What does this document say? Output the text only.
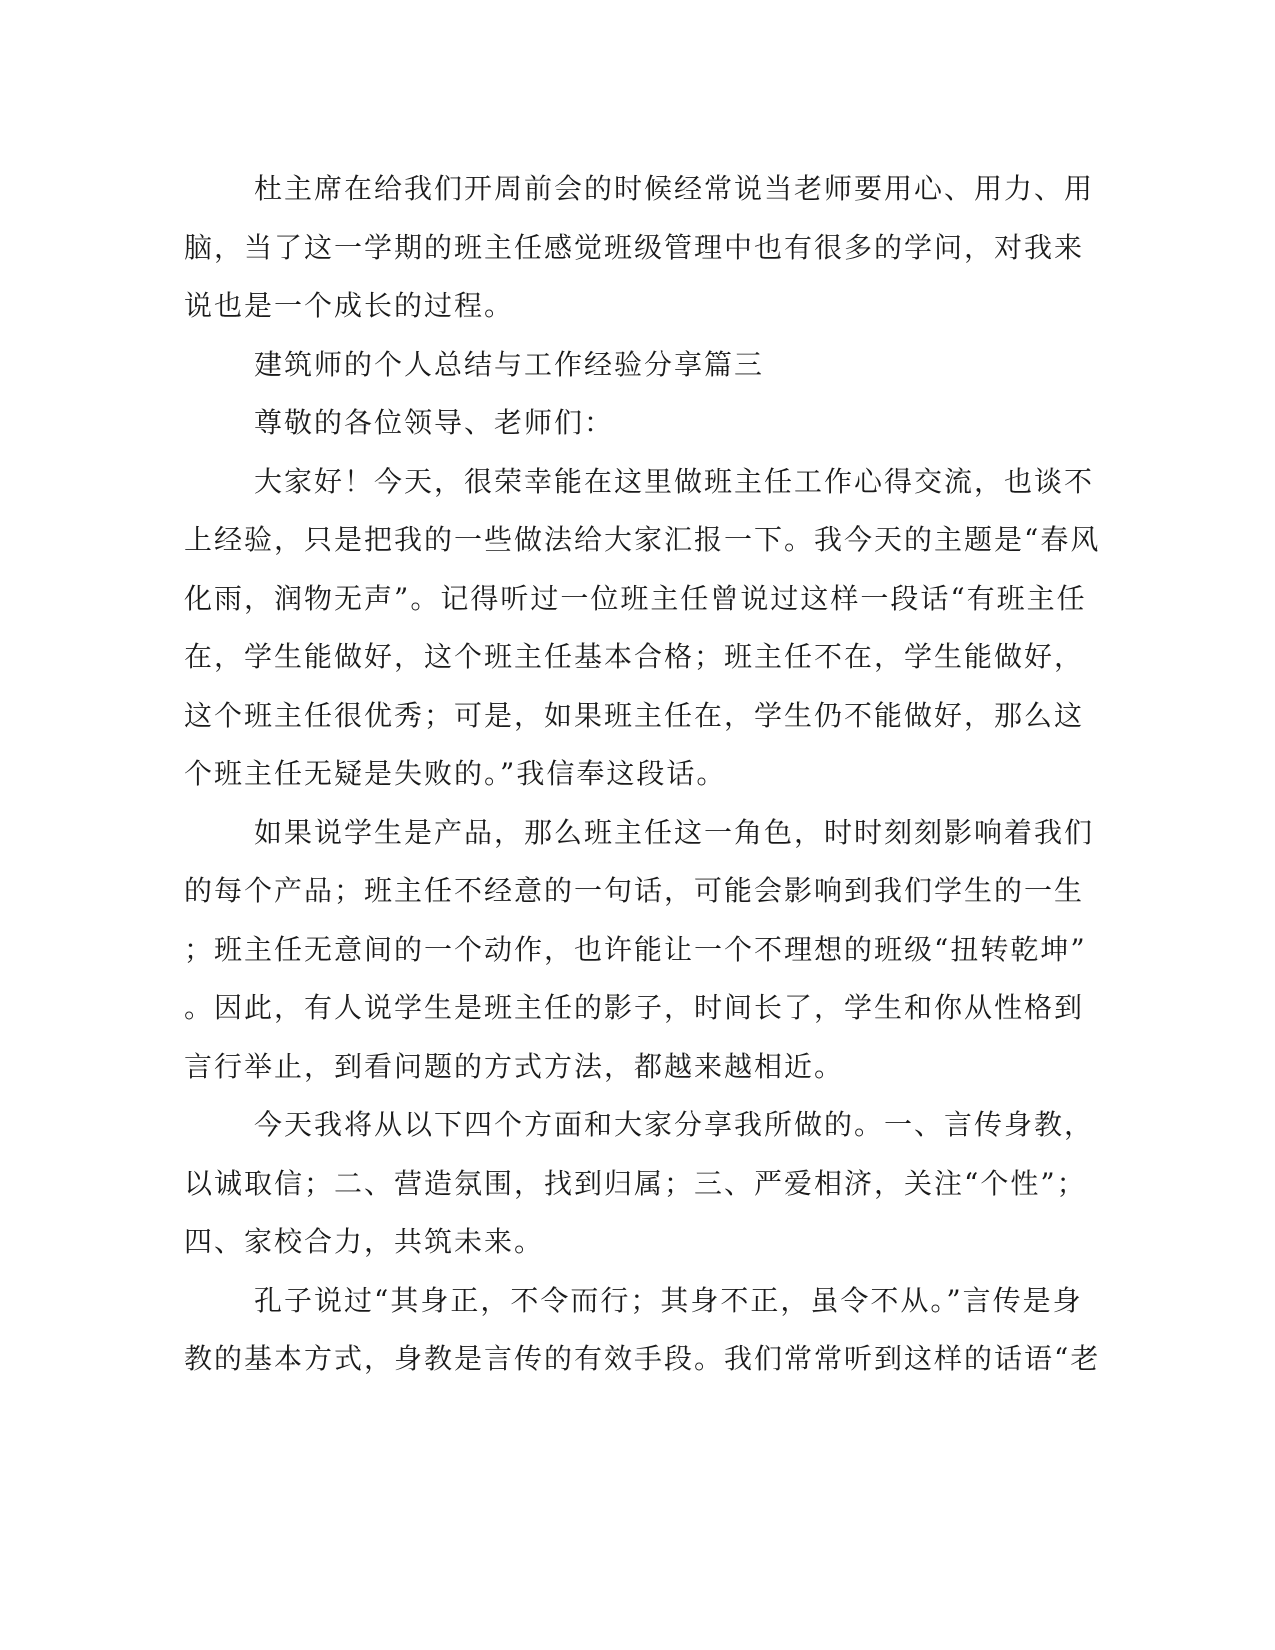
杜主席在给我们开周前会的时候经常说当老师要用心、用力、用
脑，当了这一学期的班主任感觉班级管理中也有很多的学问，对我来
说也是一个成长的过程。
建筑师的个人总结与工作经验分享篇三
尊敬的各位领导、老师们：
大家好！今天，很荣幸能在这里做班主任工作心得交流，也谈不
上经验，只是把我的一些做法给大家汇报一下。我今天的主题是“春风
化雨，润物无声”。记得听过一位班主任曾说过这样一段话“有班主任
在，学生能做好，这个班主任基本合格；班主任不在，学生能做好，
这个班主任很优秀；可是，如果班主任在，学生仍不能做好，那么这
个班主任无疑是失败的。”我信奉这段话。
如果说学生是产品，那么班主任这一角色，时时刻刻影响着我们
的每个产品；班主任不经意的一句话，可能会影响到我们学生的一生
；班主任无意间的一个动作，也许能让一个不理想的班级“扭转乾坤”
。因此，有人说学生是班主任的影子，时间长了，学生和你从性格到
言行举止，到看问题的方式方法，都越来越相近。
今天我将从以下四个方面和大家分享我所做的。一、言传身教，
以诚取信；二、营造氛围，找到归属；三、严爱相济，关注“个性”；
四、家校合力，共筑未来。
孔子说过“其身正，不令而行；其身不正，虽令不从。”言传是身
教的基本方式，身教是言传的有效手段。我们常常听到这样的话语“老
